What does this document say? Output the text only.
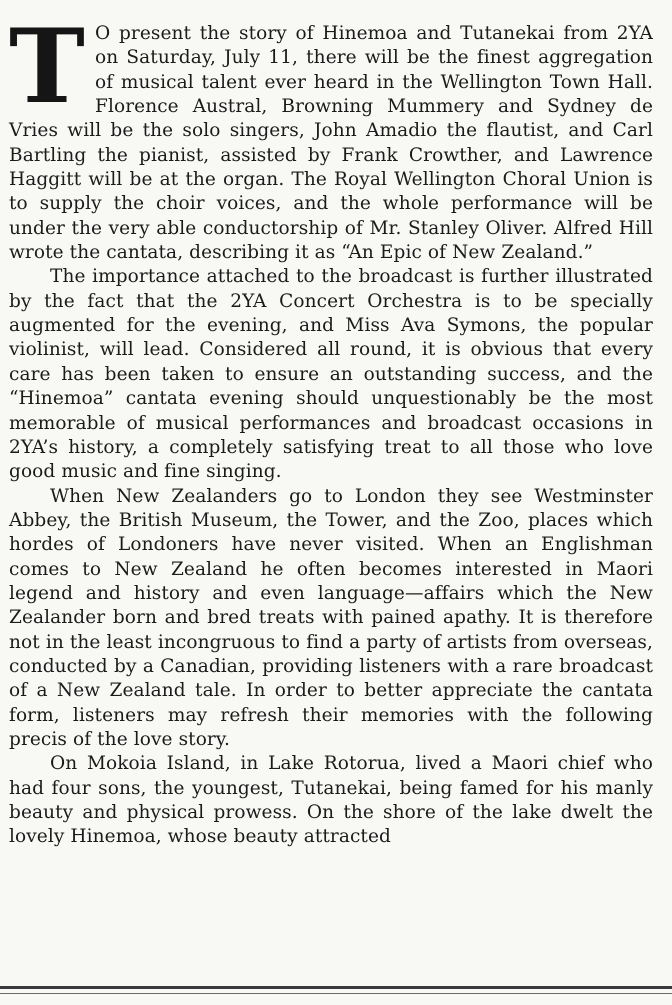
T O present the story of Hinemoa and Tutanekai from 2YA on Saturday, July 11, there will be the finest aggregation of musical talent ever heard in the Wellington Town Hall. Florence Austral, Browning Mummery and Sydney de Vries will be the solo singers, John Amadio the flautist, and Carl Bartling the pianist, assisted by Frank Crowther, and Lawrence Haggitt will be at the organ. The Royal Wellington Choral Union is to supply the choir voices, and the whole performance will be under the very able conductorship of Mr. Stanley Oliver. Alfred Hill wrote the cantata, describing it as “An Epic of New Zealand.”

The importance attached to the broadcast is further illustrated by the fact that the 2YA Concert Orchestra is to be specially augmented for the evening, and Miss Ava Symons, the popular violinist, will lead. Considered all round, it is obvious that every care has been taken to ensure an outstanding success, and the “Hinemoa” cantata evening should unquestionably be the most memorable of musical performances and broadcast occasions in 2YA’s history, a completely satisfying treat to all those who love good music and fine singing.

When New Zealanders go to London they see Westminster Abbey, the British Museum, the Tower, and the Zoo, places which hordes of Londoners have never visited. When an Englishman comes to New Zealand he often becomes interested in Maori legend and history and even language—affairs which the New Zealander born and bred treats with pained apathy. It is therefore not in the least incongruous to find a party of artists from overseas, conducted by a Canadian, providing listeners with a rare broadcast of a New Zealand tale. In order to better appreciate the cantata form, listeners may refresh their memories with the following precis of the love story.

On Mokoia Island, in Lake Rotorua, lived a Maori chief who had four sons, the youngest, Tutanekai, being famed for his manly beauty and physical prowess. On the shore of the lake dwelt the lovely Hinemoa, whose beauty attracted
